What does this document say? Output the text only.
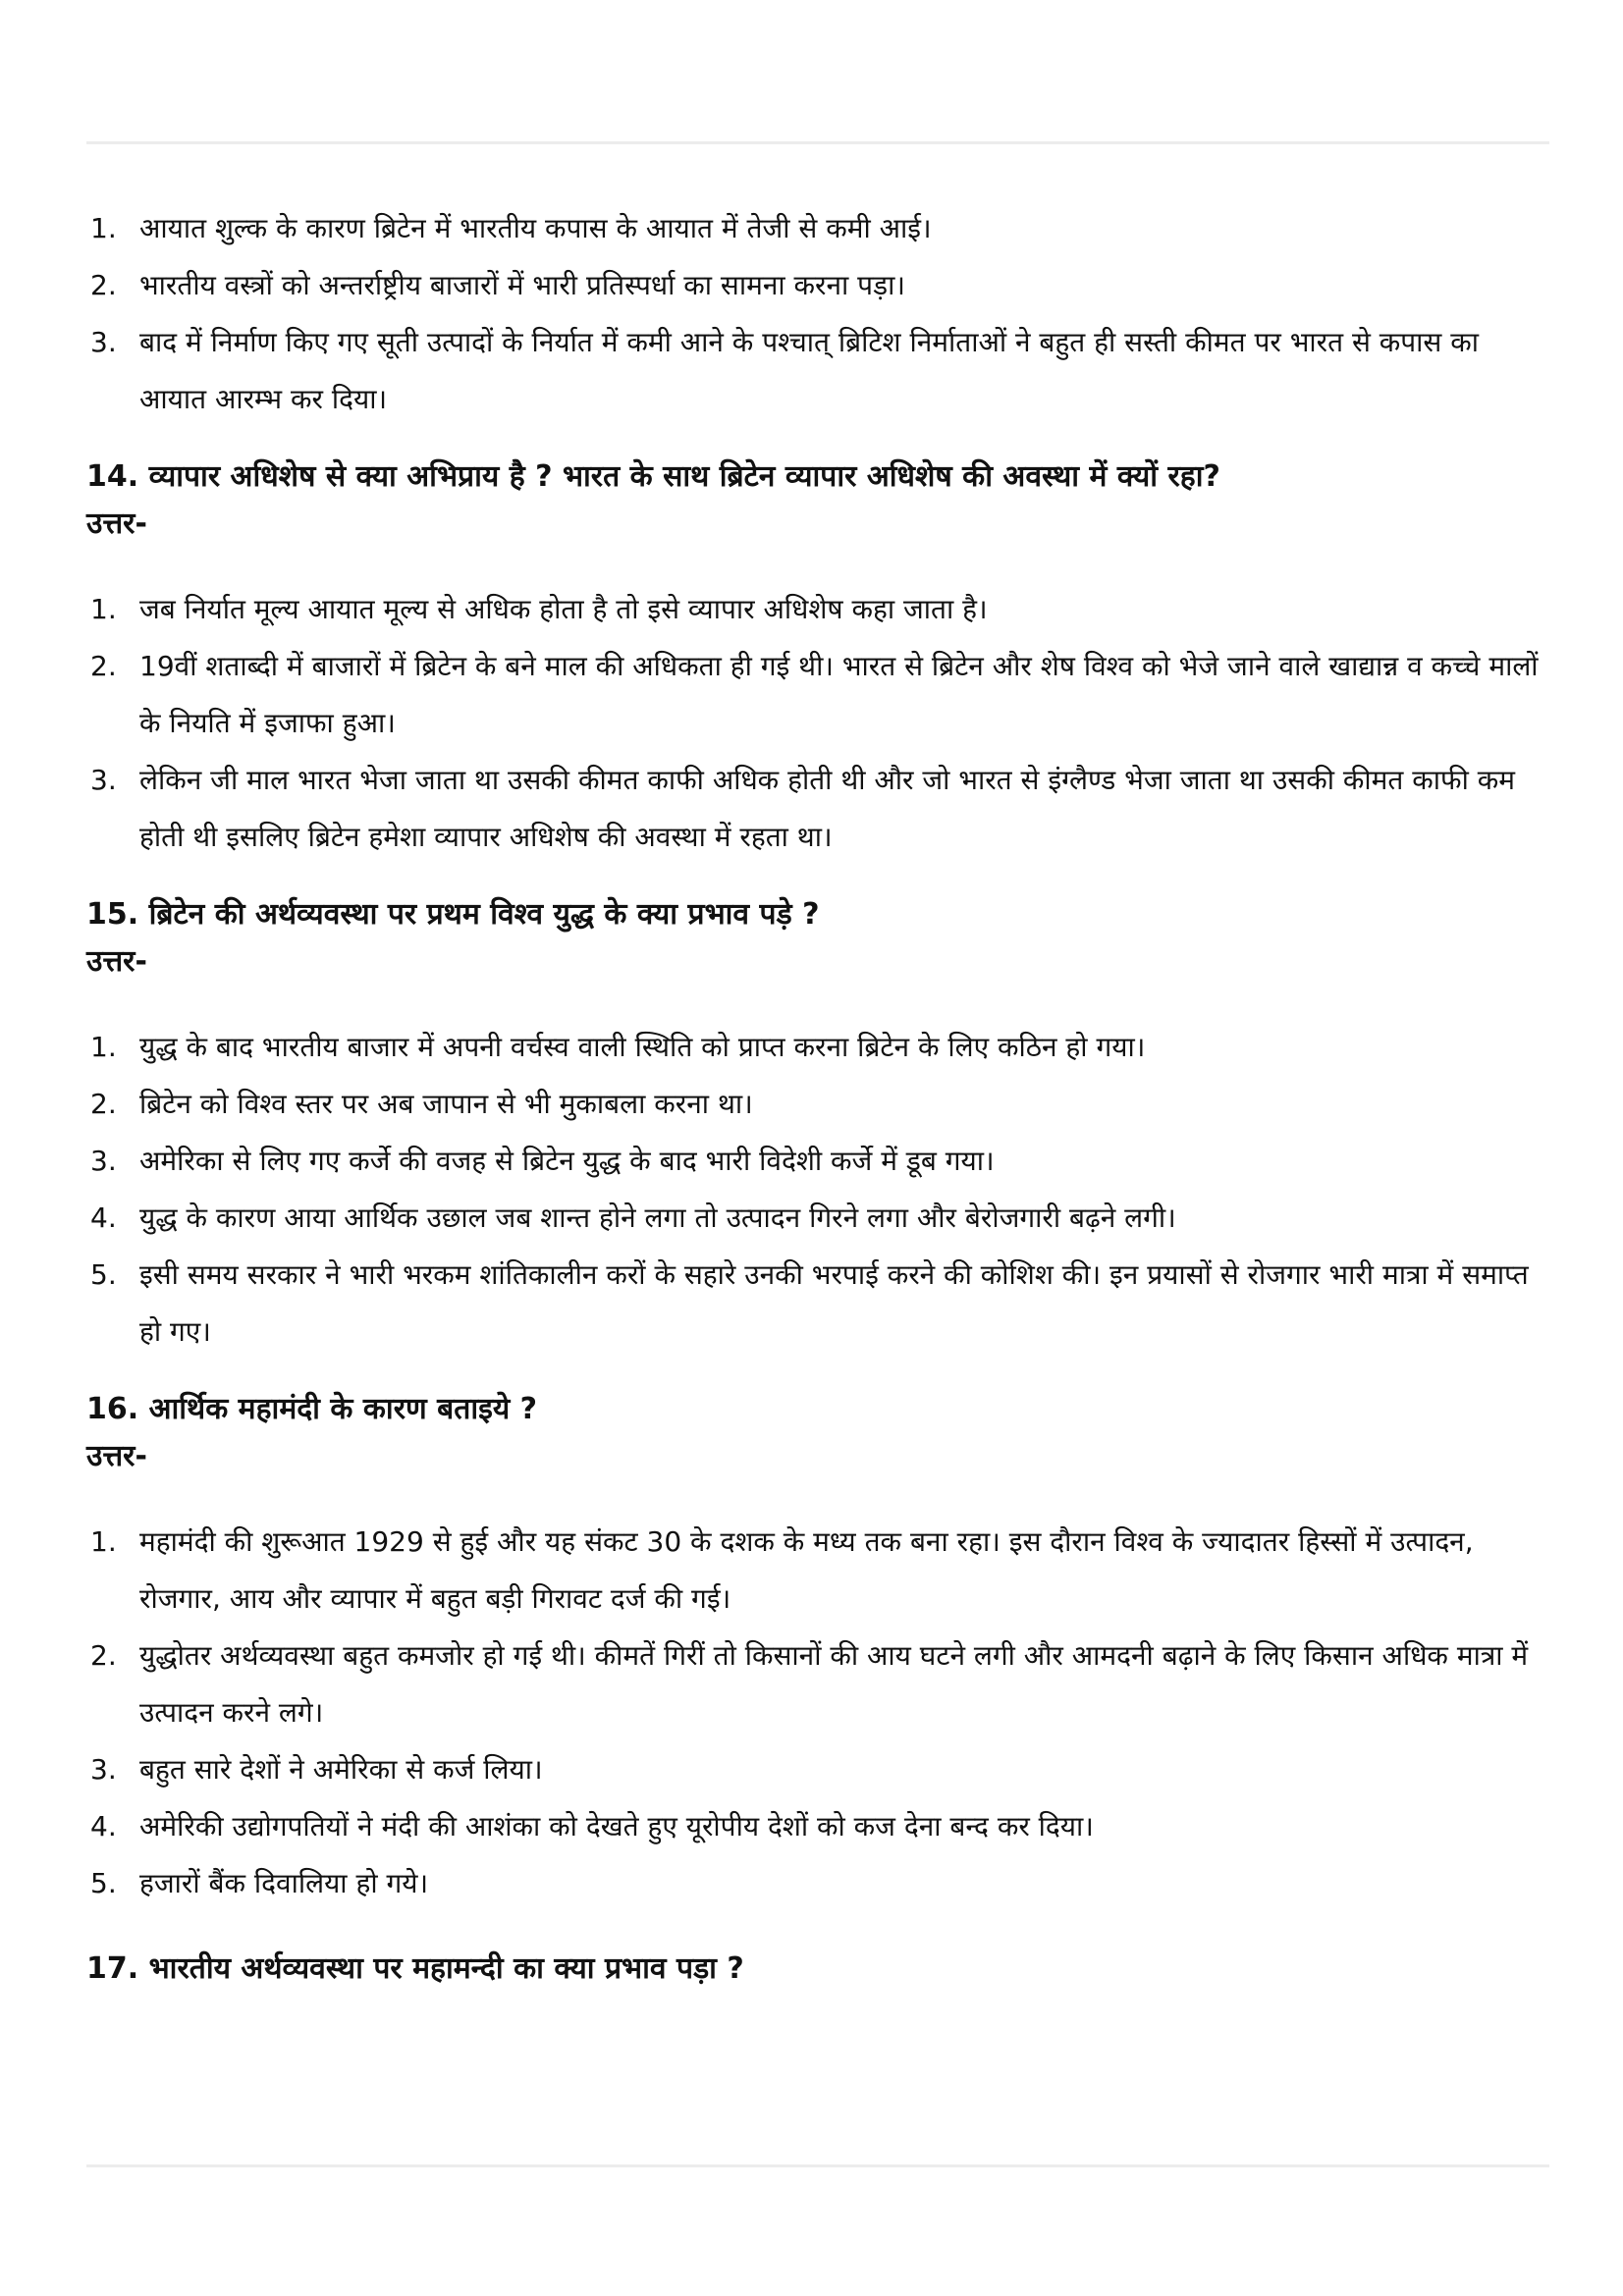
1. आयात शुल्क के कारण ब्रिटेन में भारतीय कपास के आयात में तेजी से कमी आई।
2. भारतीय वस्त्रों को अन्तर्राष्ट्रीय बाजारों में भारी प्रतिस्पर्धा का सामना करना पड़ा।
3. बाद में निर्माण किए गए सूती उत्पादों के निर्यात में कमी आने के पश्चात् ब्रिटिश निर्माताओं ने बहुत ही सस्ती कीमत पर भारत से कपास का आयात आरम्भ कर दिया।

14. व्यापार अधिशेष से क्या अभिप्राय है ? भारत के साथ ब्रिटेन व्यापार अधिशेष की अवस्था में क्यों रहा?

उत्तर-

1. जब निर्यात मूल्य आयात मूल्य से अधिक होता है तो इसे व्यापार अधिशेष कहा जाता है।
2. 19वीं शताब्दी में बाजारों में ब्रिटेन के बने माल की अधिकता ही गई थी। भारत से ब्रिटेन और शेष विश्व को भेजे जाने वाले खाद्यान्न व कच्चे मालों के नियति में इजाफा हुआ।
3. लेकिन जी माल भारत भेजा जाता था उसकी कीमत काफी अधिक होती थी और जो भारत से इंग्लैण्ड भेजा जाता था उसकी कीमत काफी कम होती थी इसलिए ब्रिटेन हमेशा व्यापार अधिशेष की अवस्था में रहता था।

15. ब्रिटेन की अर्थव्यवस्था पर प्रथम विश्व युद्ध के क्या प्रभाव पड़े ?

उत्तर-

1. युद्ध के बाद भारतीय बाजार में अपनी वर्चस्व वाली स्थिति को प्राप्त करना ब्रिटेन के लिए कठिन हो गया।
2. ब्रिटेन को विश्व स्तर पर अब जापान से भी मुकाबला करना था।
3. अमेरिका से लिए गए कर्जे की वजह से ब्रिटेन युद्ध के बाद भारी विदेशी कर्जे में डूब गया।
4. युद्ध के कारण आया आर्थिक उछाल जब शान्त होने लगा तो उत्पादन गिरने लगा और बेरोजगारी बढ़ने लगी।
5. इसी समय सरकार ने भारी भरकम शांतिकालीन करों के सहारे उनकी भरपाई करने की कोशिश की। इन प्रयासों से रोजगार भारी मात्रा में समाप्त हो गए।

16. आर्थिक महामंदी के कारण बताइये ?

उत्तर-

1. महामंदी की शुरूआत 1929 से हुई और यह संकट 30 के दशक के मध्य तक बना रहा। इस दौरान विश्व के ज्यादातर हिस्सों में उत्पादन, रोजगार, आय और व्यापार में बहुत बड़ी गिरावट दर्ज की गई।
2. युद्धोतर अर्थव्यवस्था बहुत कमजोर हो गई थी। कीमतें गिरीं तो किसानों की आय घटने लगी और आमदनी बढ़ाने के लिए किसान अधिक मात्रा में उत्पादन करने लगे।
3. बहुत सारे देशों ने अमेरिका से कर्ज लिया।
4. अमेरिकी उद्योगपतियों ने मंदी की आशंका को देखते हुए यूरोपीय देशों को कज देना बन्द कर दिया।
5. हजारों बैंक दिवालिया हो गये।

17. भारतीय अर्थव्यवस्था पर महामन्दी का क्या प्रभाव पड़ा ?
